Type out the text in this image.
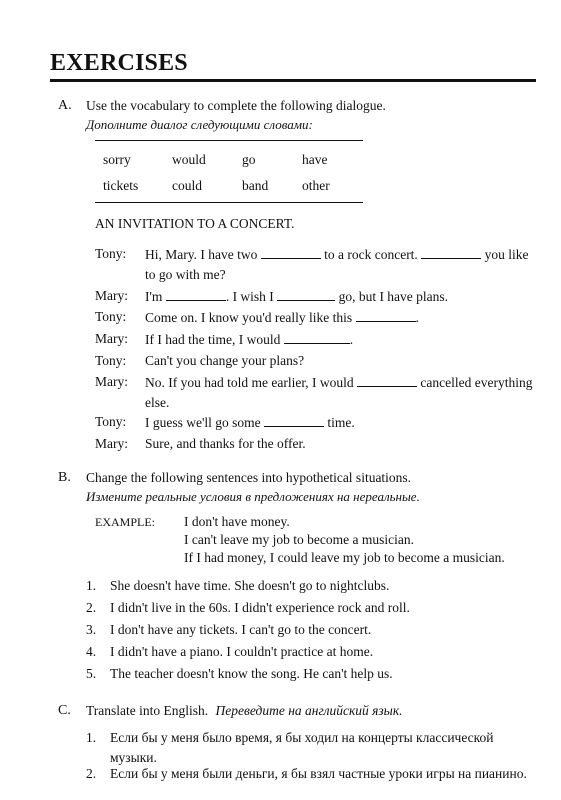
EXERCISES
A. Use the vocabulary to complete the following dialogue.
Дополните диалог следующими словами:
sorry	would	go	have
tickets	could	band	other
AN INVITATION TO A CONCERT.
Tony:	Hi, Mary. I have two	to a rock concert.	you like to go with me?
Mary:	I'm	. I wish I	go, but I have plans.
Tony:	Come on. I know you'd really like this	.
Mary:	If I had the time, I would	.
Tony:	Can't you change your plans?
Mary:	No. If you had told me earlier, I would	cancelled everything else.
Tony:	I guess we'll go some	time.
Mary:	Sure, and thanks for the offer.
B. Change the following sentences into hypothetical situations.
Измените реальные условия в предложениях на нереальные.
EXAMPLE: I don't have money.
I can't leave my job to become a musician.
If I had money, I could leave my job to become a musician.
1. She doesn't have time. She doesn't go to nightclubs.
2. I didn't live in the 60s. I didn't experience rock and roll.
3. I don't have any tickets. I can't go to the concert.
4. I didn't have a piano. I couldn't practice at home.
5. The teacher doesn't know the song. He can't help us.
C. Translate into English. Переведите на английский язык.
1. Если бы у меня было время, я бы ходил на концерты классической музыки.
2. Если бы у меня были деньги, я бы взял частные уроки игры на пианино.
